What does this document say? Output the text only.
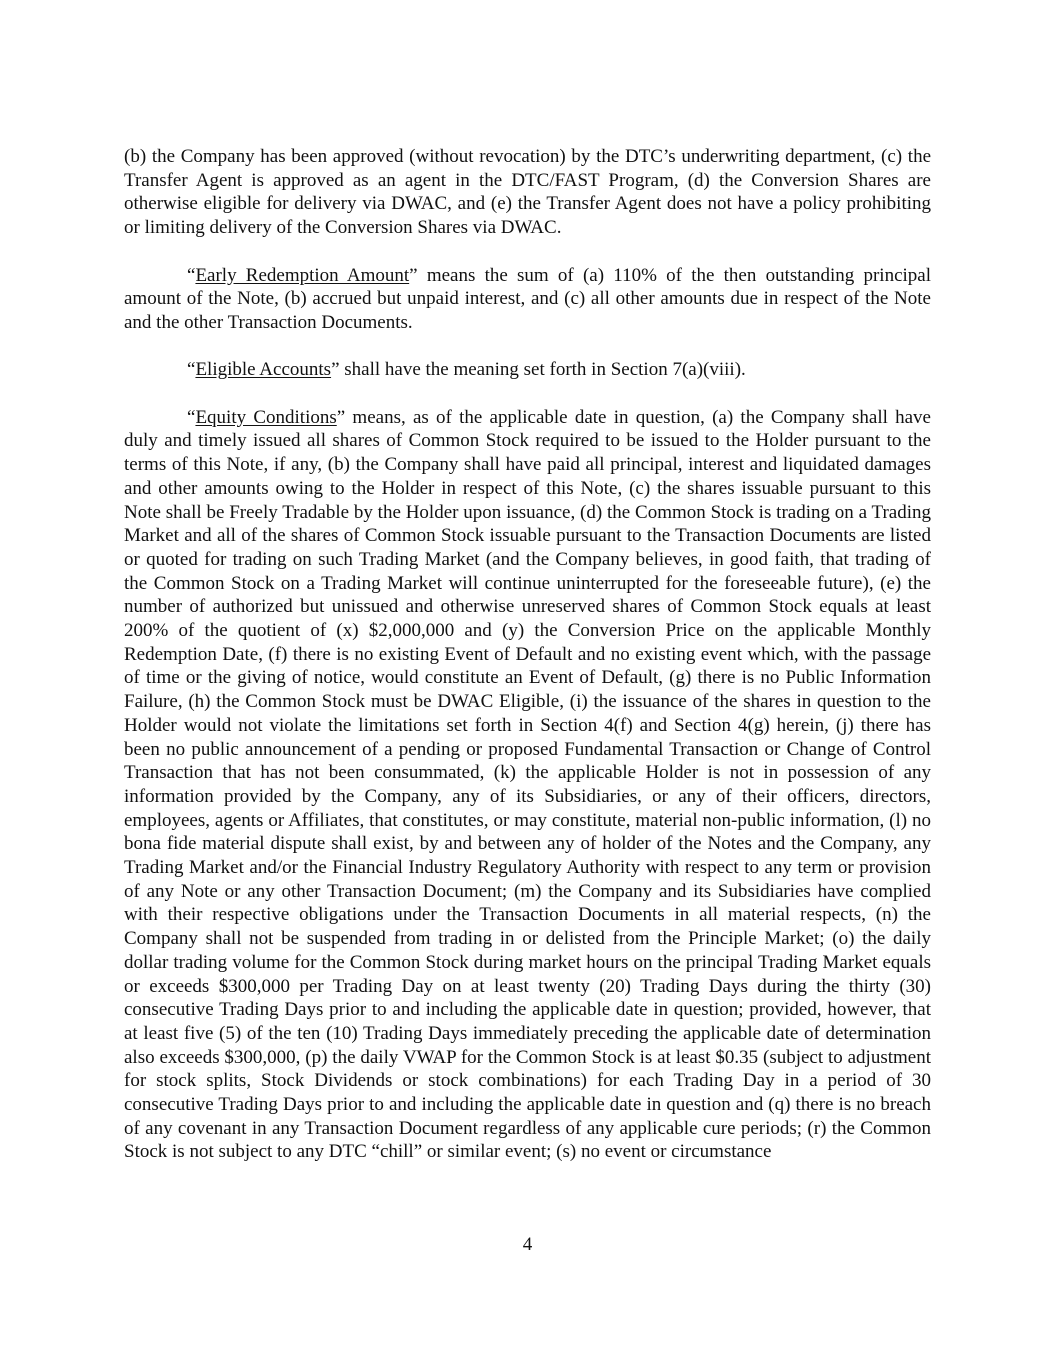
(b) the Company has been approved (without revocation) by the DTC’s underwriting department, (c) the Transfer Agent is approved as an agent in the DTC/FAST Program, (d) the Conversion Shares are otherwise eligible for delivery via DWAC, and (e) the Transfer Agent does not have a policy prohibiting or limiting delivery of the Conversion Shares via DWAC.

“Early Redemption Amount” means the sum of (a) 110% of the then outstanding principal amount of the Note, (b) accrued but unpaid interest, and (c) all other amounts due in respect of the Note and the other Transaction Documents.

“Eligible Accounts” shall have the meaning set forth in Section 7(a)(viii).

“Equity Conditions” means, as of the applicable date in question, (a) the Company shall have duly and timely issued all shares of Common Stock required to be issued to the Holder pursuant to the terms of this Note, if any, (b) the Company shall have paid all principal, interest and liquidated damages and other amounts owing to the Holder in respect of this Note, (c) the shares issuable pursuant to this Note shall be Freely Tradable by the Holder upon issuance, (d) the Common Stock is trading on a Trading Market and all of the shares of Common Stock issuable pursuant to the Transaction Documents are listed or quoted for trading on such Trading Market (and the Company believes, in good faith, that trading of the Common Stock on a Trading Market will continue uninterrupted for the foreseeable future), (e) the number of authorized but unissued and otherwise unreserved shares of Common Stock equals at least 200% of the quotient of (x) $2,000,000 and (y) the Conversion Price on the applicable Monthly Redemption Date, (f) there is no existing Event of Default and no existing event which, with the passage of time or the giving of notice, would constitute an Event of Default, (g) there is no Public Information Failure, (h) the Common Stock must be DWAC Eligible, (i) the issuance of the shares in question to the Holder would not violate the limitations set forth in Section 4(f) and Section 4(g) herein, (j) there has been no public announcement of a pending or proposed Fundamental Transaction or Change of Control Transaction that has not been consummated, (k) the applicable Holder is not in possession of any information provided by the Company, any of its Subsidiaries, or any of their officers, directors, employees, agents or Affiliates, that constitutes, or may constitute, material non-public information, (l) no bona fide material dispute shall exist, by and between any of holder of the Notes and the Company, any Trading Market and/or the Financial Industry Regulatory Authority with respect to any term or provision of any Note or any other Transaction Document; (m) the Company and its Subsidiaries have complied with their respective obligations under the Transaction Documents in all material respects, (n) the Company shall not be suspended from trading in or delisted from the Principle Market; (o) the daily dollar trading volume for the Common Stock during market hours on the principal Trading Market equals or exceeds $300,000 per Trading Day on at least twenty (20) Trading Days during the thirty (30) consecutive Trading Days prior to and including the applicable date in question; provided, however, that at least five (5) of the ten (10) Trading Days immediately preceding the applicable date of determination also exceeds $300,000, (p) the daily VWAP for the Common Stock is at least $0.35 (subject to adjustment for stock splits, Stock Dividends or stock combinations) for each Trading Day in a period of 30 consecutive Trading Days prior to and including the applicable date in question and (q) there is no breach of any covenant in any Transaction Document regardless of any applicable cure periods; (r) the Common Stock is not subject to any DTC “chill” or similar event; (s) no event or circumstance

4
